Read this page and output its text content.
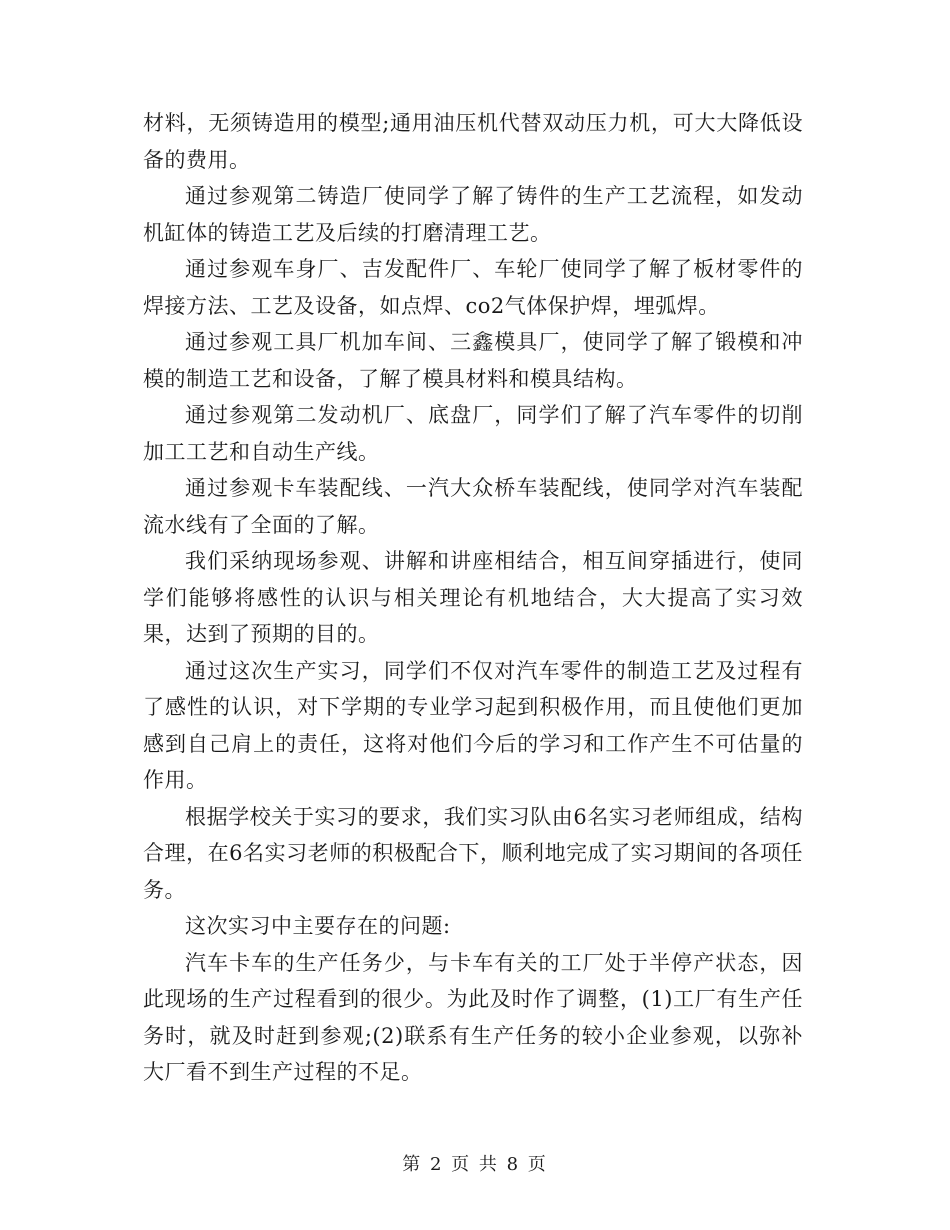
材料，无须铸造用的模型;通用油压机代替双动压力机，可大大降低设备的费用。

通过参观第二铸造厂使同学了解了铸件的生产工艺流程，如发动机缸体的铸造工艺及后续的打磨清理工艺。

通过参观车身厂、吉发配件厂、车轮厂使同学了解了板材零件的焊接方法、工艺及设备，如点焊、co2气体保护焊，埋弧焊。

通过参观工具厂机加车间、三鑫模具厂，使同学了解了锻模和冲模的制造工艺和设备，了解了模具材料和模具结构。

通过参观第二发动机厂、底盘厂，同学们了解了汽车零件的切削加工工艺和自动生产线。

通过参观卡车装配线、一汽大众桥车装配线，使同学对汽车装配流水线有了全面的了解。

我们采纳现场参观、讲解和讲座相结合，相互间穿插进行，使同学们能够将感性的认识与相关理论有机地结合，大大提高了实习效果，达到了预期的目的。

通过这次生产实习，同学们不仅对汽车零件的制造工艺及过程有了感性的认识，对下学期的专业学习起到积极作用，而且使他们更加感到自己肩上的责任，这将对他们今后的学习和工作产生不可估量的作用。

根据学校关于实习的要求，我们实习队由6名实习老师组成，结构合理，在6名实习老师的积极配合下，顺利地完成了实习期间的各项任务。

这次实习中主要存在的问题:

汽车卡车的生产任务少，与卡车有关的工厂处于半停产状态，因此现场的生产过程看到的很少。为此及时作了调整，(1)工厂有生产任务时，就及时赶到参观;(2)联系有生产任务的较小企业参观，以弥补大厂看不到生产过程的不足。

第 2 页 共 8 页
